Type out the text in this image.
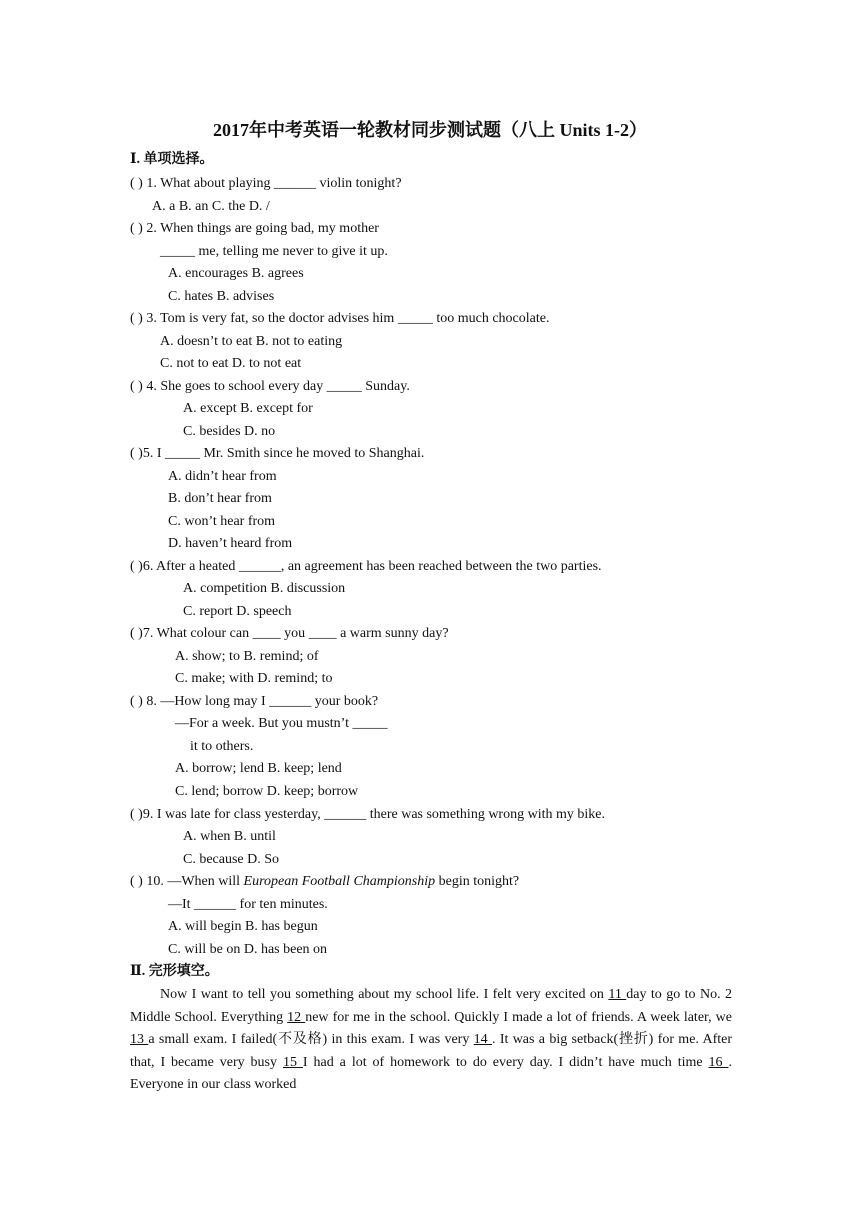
2017年中考英语一轮教材同步测试题（八上 Units 1-2）
Ⅰ. 单项选择。
( ) 1. What about playing ______ violin tonight?
A. a B. an C. the D. /
( ) 2. When things are going bad, my mother
_____ me, telling me never to give it up.
A. encourages B. agrees
C. hates B. advises
( ) 3. Tom is very fat, so the doctor advises him _____ too much chocolate.
A. doesn’t to eat B. not to eating
C. not to eat D. to not eat
( ) 4. She goes to school every day _____ Sunday.
A. except B. except for
C. besides D. no
( )5. I _____ Mr. Smith since he moved to Shanghai.
A. didn’t hear from
B. don’t hear from
C. won’t hear from
D. haven’t heard from
( )6. After a heated ______, an agreement has been reached between the two parties.
A. competition B. discussion
C. report D. speech
( )7. What colour can ____ you ____ a warm sunny day?
A. show; to B. remind; of
C. make; with D. remind; to
( ) 8. —How long may I ______ your book?
—For a week. But you mustn’t _____
it to others.
A. borrow; lend B. keep; lend
C. lend; borrow D. keep; borrow
( )9. I was late for class yesterday, ______ there was something wrong with my bike.
A. when B. until
C. because D. So
—It ______ for ten minutes.
A. will begin B. has begun
C. will be on D. has been on
( ) 10. —When will European Football Championship begin tonight?
Ⅱ. 完形填空。

Now I want to tell you something about my school life. I felt very excited on 11 day to go to No. 2 Middle School. Everything 12 new for me in the school. Quickly I made a lot of friends. A week later, we 13 a small exam. I failed(不及格) in this exam. I was very 14 . It was a big setback(挫折) for me. After that, I became very busy 15 I had a lot of homework to do every day. I didn’t have much time 16 . Everyone in our class worked
